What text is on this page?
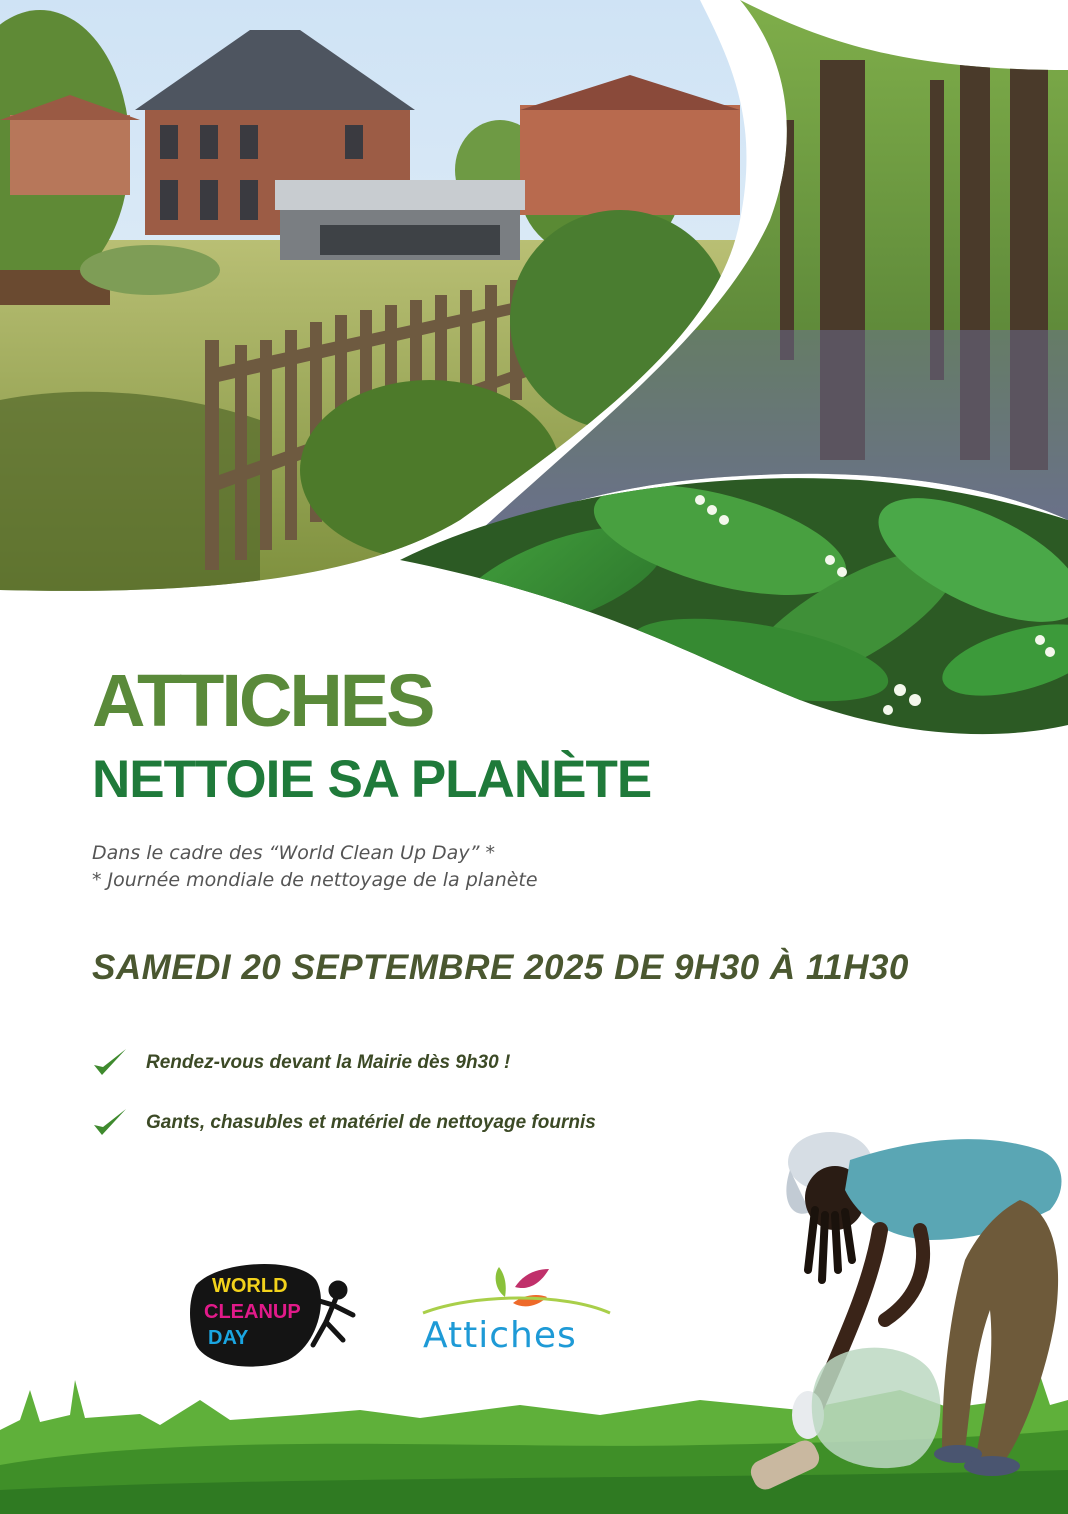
ATTICHES
NETTOIE SA PLANÈTE
Dans le cadre des “World Clean Up Day” *
* Journée mondiale de nettoyage de la planète
SAMEDI 20 SEPTEMBRE 2025 DE 9H30 À 11H30
Rendez-vous devant la Mairie dès 9h30 !
Gants, chasubles et matériel de nettoyage fournis
WORLD
CLEANUP
DAY	Attiches
